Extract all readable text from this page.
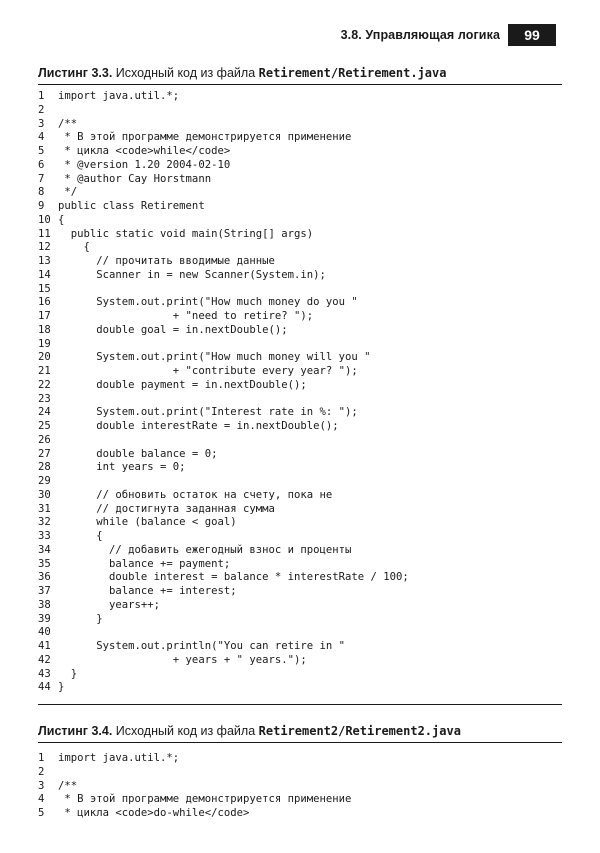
3.8. Управляющая логика	99
Листинг 3.3. Исходный код из файла Retirement/Retirement.java
1 import java.util.*;
2
3 /**
4 * В этой программе демонстрируется применение
5 * цикла <code>while</code>
6 * @version 1.20 2004-02-10
7 * @author Cay Horstmann
8 */
9 public class Retirement
10 {
11  public static void main(String[] args)
12    {
13      // прочитать вводимые данные
14      Scanner in = new Scanner(System.in);
15
16      System.out.print("How much money do you "
17                  + "need to retire? ");
18      double goal = in.nextDouble();
19
20      System.out.print("How much money will you "
21                  + "contribute every year? ");
22      double payment = in.nextDouble();
23
24      System.out.print("Interest rate in %: ");
25      double interestRate = in.nextDouble();
26
27      double balance = 0;
28      int years = 0;
29
30      // обновить остаток на счету, пока не
31      // достигнута заданная сумма
32      while (balance < goal)
33      {
34        // добавить ежегодный взнос и проценты
35        balance += payment;
36        double interest = balance * interestRate / 100;
37        balance += interest;
38        years++;
39      }
40
41      System.out.println("You can retire in "
42                  + years + " years.");
43  }
44 }
Листинг 3.4. Исходный код из файла Retirement2/Retirement2.java
1 import java.util.*;
2
3 /**
4 * В этой программе демонстрируется применение
5 * цикла <code>do-while</code>
